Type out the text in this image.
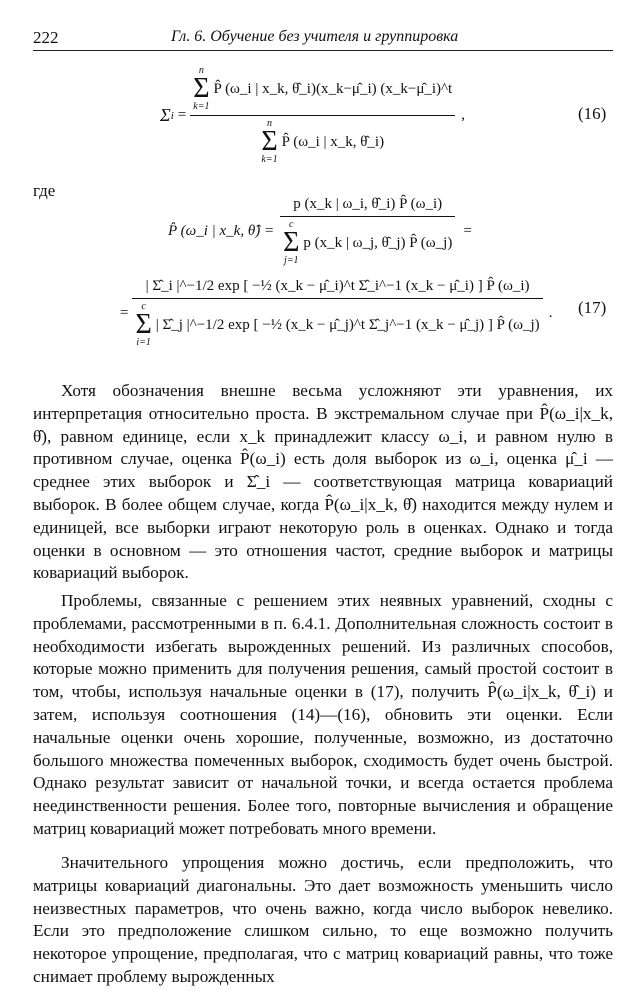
222	Гл. 6. Обучение без учителя и группировка
Σ i =
n
Σ
k=1
P̂ (ω_i | x_k, θ̂_i)(x_k−μ̂_i) (x_k−μ̂_i)^t
n
Σ
k=1
P̂ (ω_i | x_k, θ̂_i)
,	(16)
где
P̂ (ω_i | x_k, θ̂) =
p (x_k | ω_i, θ̂_i) P̂ (ω_i)
c
Σ
j=1
p (x_k | ω_j, θ̂_j) P̂ (ω_j)
=
=
| Σ̂_i |^−1/2 exp [ −½ (x_k − μ̂_i)^t Σ̂_i^−1 (x_k − μ̂_i) ] P̂ (ω_i)
c
Σ
i=1
| Σ̂_j |^−1/2 exp [ −½ (x_k − μ̂_j)^t Σ̂_j^−1 (x_k − μ̂_j) ] P̂ (ω_j)
. (17)

Хотя обозначения внешне весьма усложняют эти уравнения, их интерпретация относительно проста. В экстремальном случае при P̂(ω_i|x_k, θ̂), равном единице, если x_k принадлежит классу ω_i, и равном нулю в противном случае, оценка P̂(ω_i) есть доля выборок из ω_i, оценка μ̂_i — среднее этих выборок и Σ̂_i — соответствующая матрица ковариаций выборок. В более общем случае, когда P̂(ω_i|x_k, θ̂) находится между нулем и единицей, все выборки играют некоторую роль в оценках. Однако и тогда оценки в основном — это отношения частот, средние выборок и матрицы ковариаций выборок.

Проблемы, связанные с решением этих неявных уравнений, сходны с проблемами, рассмотренными в п. 6.4.1. Дополнительная сложность состоит в необходимости избегать вырожденных решений. Из различных способов, которые можно применить для получения решения, самый простой состоит в том, чтобы, используя начальные оценки в (17), получить P̂(ω_i|x_k, θ̂_i) и затем, используя соотношения (14)—(16), обновить эти оценки. Если начальные оценки очень хорошие, полученные, возможно, из достаточно большого множества помеченных выборок, сходимость будет очень быстрой. Однако результат зависит от начальной точки, и всегда остается проблема неединственности решения. Более того, повторные вычисления и обращение матриц ковариаций может потребовать много времени.

Значительного упрощения можно достичь, если предположить, что матрицы ковариаций диагональны. Это дает возможность уменьшить число неизвестных параметров, что очень важно, когда число выборок невелико. Если это предположение слишком сильно, то еще возможно получить некоторое упрощение, предполагая, что c матриц ковариаций равны, что тоже снимает проблему вырожденных
